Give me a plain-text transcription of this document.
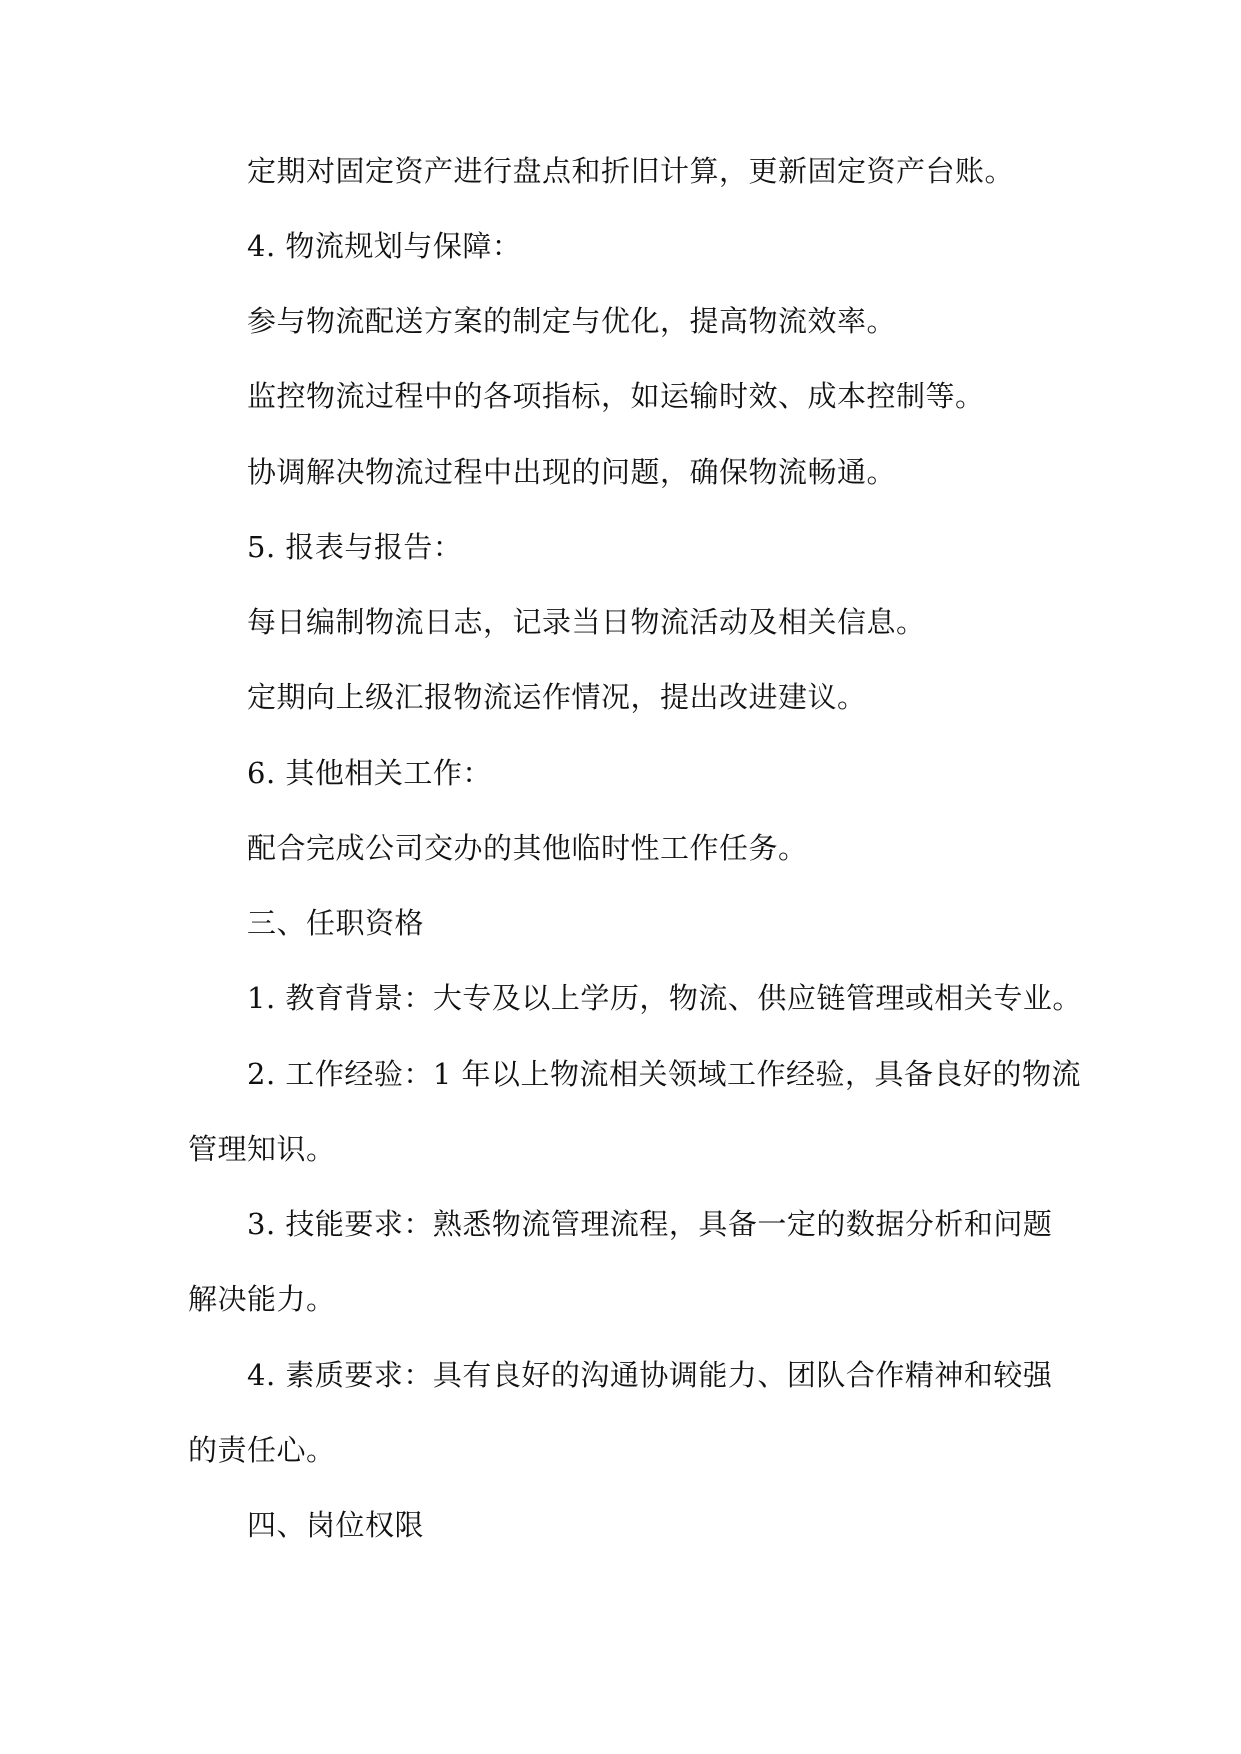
定期对固定资产进行盘点和折旧计算，更新固定资产台账。
4. 物流规划与保障：
参与物流配送方案的制定与优化，提高物流效率。
监控物流过程中的各项指标，如运输时效、成本控制等。
协调解决物流过程中出现的问题，确保物流畅通。
5. 报表与报告：
每日编制物流日志，记录当日物流活动及相关信息。
定期向上级汇报物流运作情况，提出改进建议。
6. 其他相关工作：
配合完成公司交办的其他临时性工作任务。
三、任职资格
1. 教育背景：大专及以上学历，物流、供应链管理或相关专业。
2. 工作经验：1 年以上物流相关领域工作经验，具备良好的物流
管理知识。
3. 技能要求：熟悉物流管理流程，具备一定的数据分析和问题
解决能力。
4. 素质要求：具有良好的沟通协调能力、团队合作精神和较强
的责任心。
四、岗位权限
